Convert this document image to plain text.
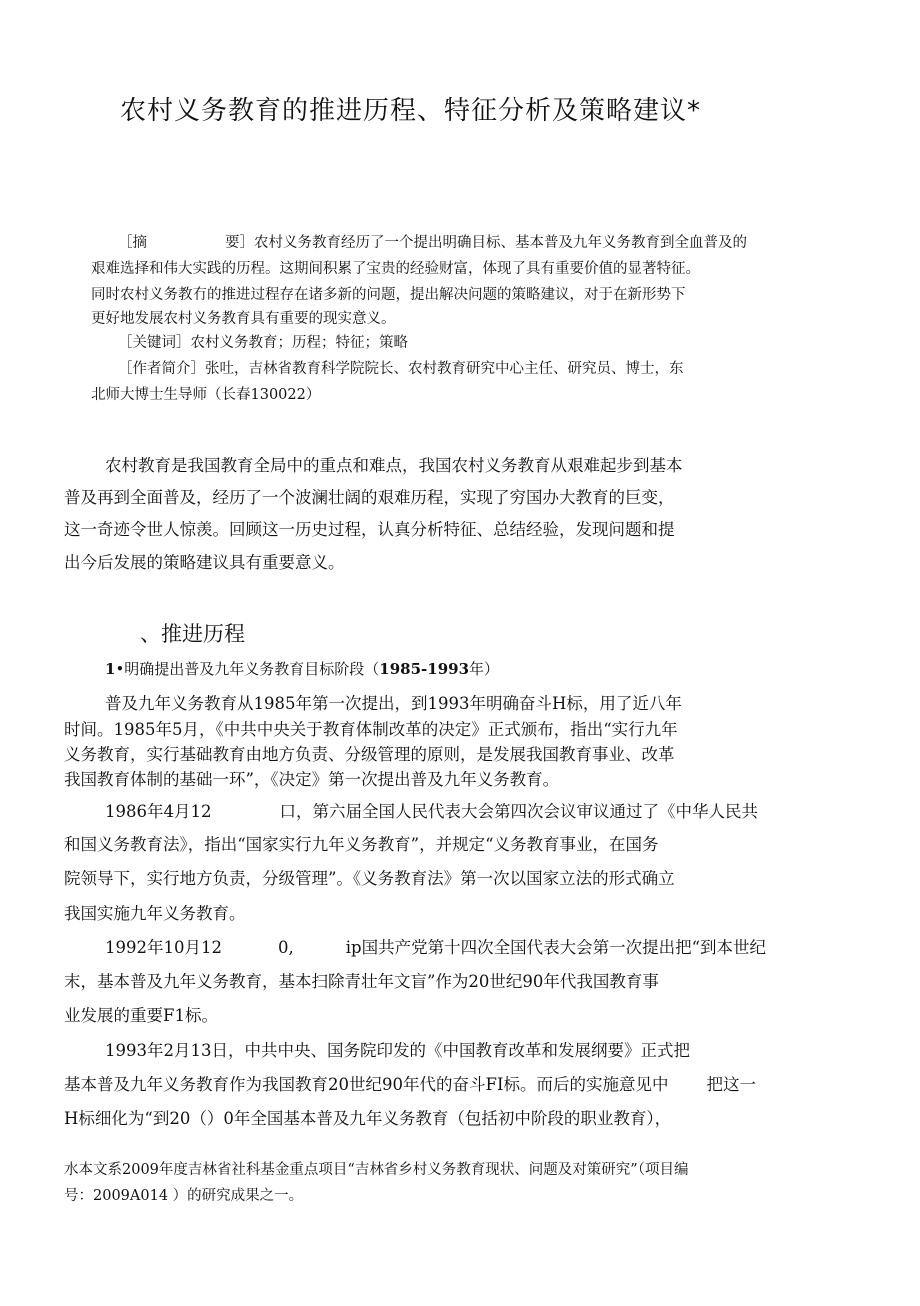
农村义务教育的推进历程、特征分析及策略建议*
［摘	要］农村义务教育经历了一个提出明确目标、基本普及九年义务教育到全血普及的
艰难选择和伟大实践的历程。这期间积累了宝贵的经验财富，体现了具有重要价值的显著特征。
同时农村义务教冇的推进过程存在诸多新的问题，提出解决问题的策略建议，对于在新形势下
更好地发展农村义务教育具有重要的现实意义。
［关键词］农村义务教育；历程；特征；策略
［作者简介］张吐，吉林省教育科学院院长、农村教育研究中心主任、研究员、博士，东
北师大博士生导师（长春130022）
农村教育是我国教育全局中的重点和难点，我国农村义务教育从艰难起步到基本
普及再到全面普及，经历了一个波澜壮阔的艰难历程，实现了穷国办大教育的巨变，
这一奇迹令世人惊羡。回顾这一历史过程，认真分析特征、总结经验，发现问题和提
出今后发展的策略建议具有重要意义。
、推进历程
1•明确提出普及九年义务教育目标阶段（1985-1993年）
普及九年义务教育从1985年第一次提出，到1993年明确奋斗H标，用了近八年
时间。1985年5月，《中共中央关于教育体制改革的决定》正式颁布，指出“实行九年
义务教育，实行基础教育由地方负责、分级管理的原则，是发展我国教育事业、改革
我国教育体制的基础一环”，《决定》第一次提出普及九年义务教育。
1986年4月12	口，第六届全国人民代表大会第四次会议审议通过了《中华人民共
和国义务教育法》，指出“国家实行九年义务教育”，并规定“义务教育事业，在国务
院领导下，实行地方负责，分级管理”。《义务教育法》第一次以国家立法的形式确立
我国实施九年义务教育。
1992年10月12	0,	ip国共产党第十四次全国代表大会第一次提出把“到本世纪
末，基本普及九年义务教育，基本扫除青壮年文盲”作为20世纪90年代我国教育事
业发展的重要F1标。
1993年2月13日，中共中央、国务院印发的《中国教育改革和发展纲要》正式把
基本普及九年义务教育作为我国教育20世纪90年代的奋斗FI标。而后的实施意见中 把这一
H标细化为“到20（）0年全国基本普及九年义务教育（包括初中阶段的职业教育），
水本文系2009年度吉林省社科基金重点项目“吉林省乡村义务教育现状、问题及对策研究”（项目编
号：2009A014 ）的研究成果之一。
